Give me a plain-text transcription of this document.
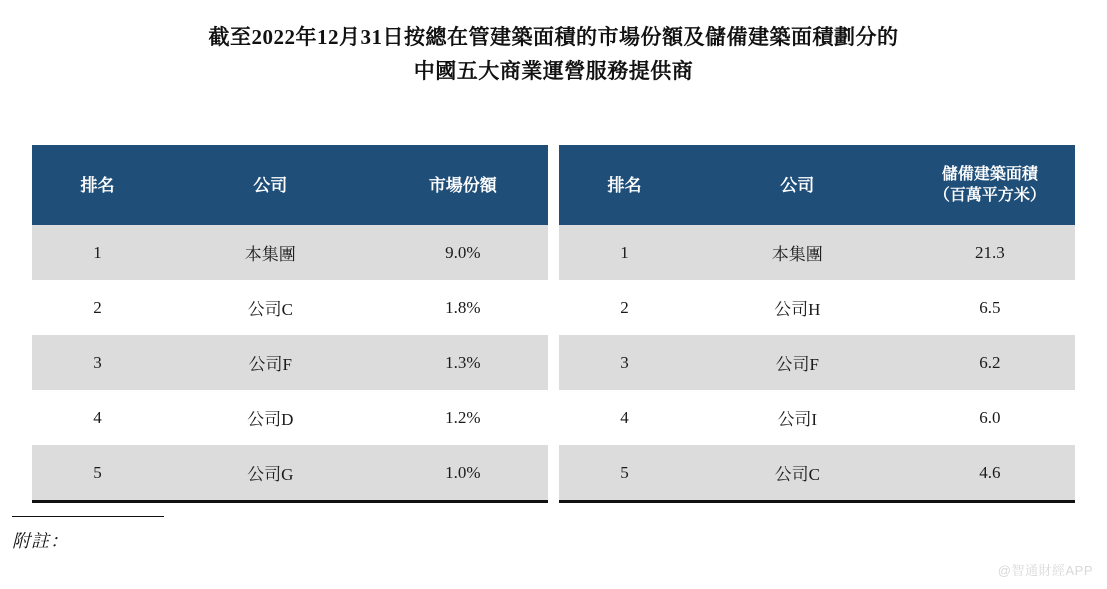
截至2022年12月31日按總在管建築面積的市場份額及儲備建築面積劃分的
中國五大商業運營服務提供商
排名	公司	市場份額
1	本集團	9.0%
2	公司C	1.8%
3	公司F	1.3%
4	公司D	1.2%
5	公司G	1.0%
排名	公司	儲備建築面積
（百萬平方米）

1	本集團	21.3
2	公司H	6.5
3	公司F	6.2
4	公司I	6.0
5	公司C	4.6
附註：
@智通財經APP
